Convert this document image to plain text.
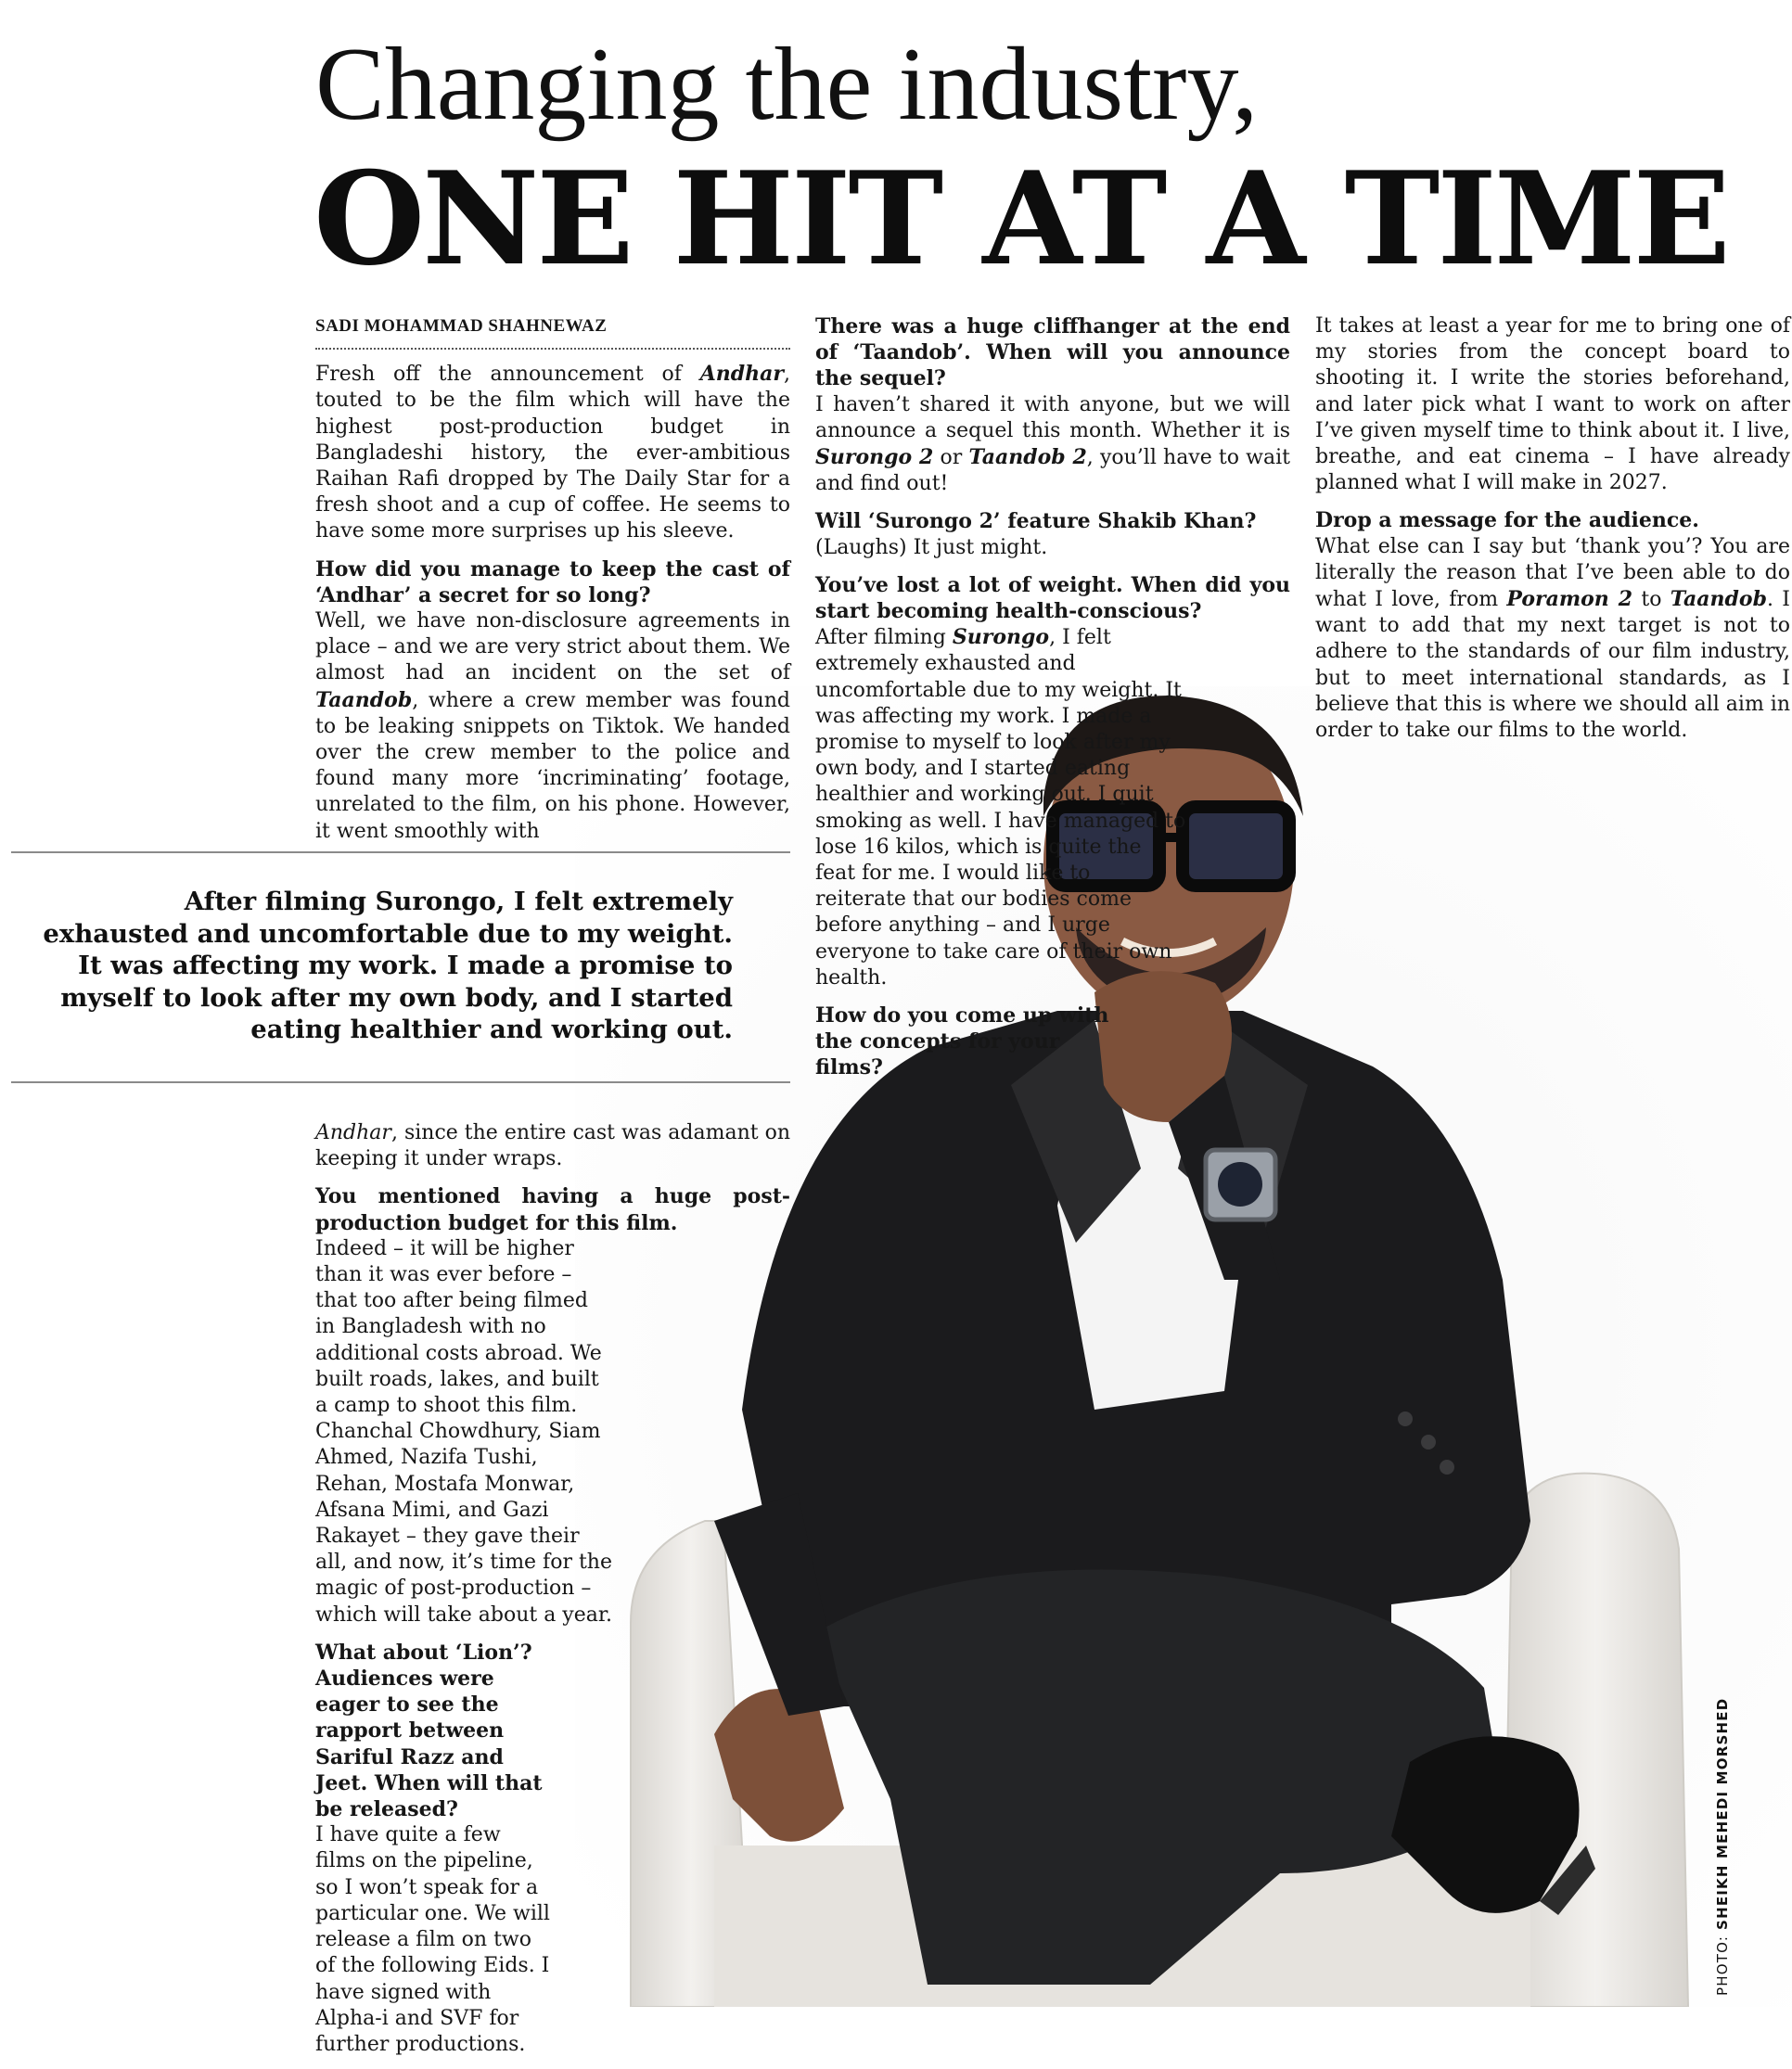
Changing the industry,
ONE HIT AT A TIME
PHOTO: SHEIKH MEHEDI MORSHED
SADI MOHAMMAD SHAHNEWAZ

Fresh off the announcement of Andhar, touted to be the film which will have the highest post-production budget in Bangladeshi history, the ever-ambitious Raihan Rafi dropped by The Daily Star for a fresh shoot and a cup of coffee. He seems to have some more surprises up his sleeve.

How did you manage to keep the cast of ‘Andhar’ a secret for so long?
Well, we have non-disclosure agreements in place – and we are very strict about them. We almost had an incident on the set of Taandob, where a crew member was found to be leaking snippets on Tiktok. We handed over the crew member to the police and found many more ‘incriminating’ footage, unrelated to the film, on his phone. However, it went smoothly with
After filming Surongo, I felt extremely exhausted and uncomfortable due to my weight. It was affecting my work. I made a promise to myself to look after my own body, and I started eating healthier and working out.
Andhar, since the entire cast was adamant on keeping it under wraps.
You mentioned having a huge post-production budget for this film.
Indeed – it will be higher than it was ever before – that too after being filmed in Bangladesh with no additional costs abroad. We built roads, lakes, and built a camp to shoot this film. Chanchal Chowdhury, Siam Ahmed, Nazifa Tushi, Rehan, Mostafa Monwar, Afsana Mimi, and Gazi Rakayet – they gave their all, and now, it’s time for the magic of post-production – which will take about a year.
What about ‘Lion’? Audiences were eager to see the rapport between Sariful Razz and Jeet. When will that be released?
I have quite a few films on the pipeline, so I won’t speak for a particular one. We will release a film on two of the following Eids. I have signed with Alpha-i and SVF for further productions.
There was a huge cliffhanger at the end of ‘Taandob’. When will you announce the sequel?
I haven’t shared it with anyone, but we will announce a sequel this month. Whether it is Surongo 2 or Taandob 2, you’ll have to wait and find out!
Will ‘Surongo 2’ feature Shakib Khan?
(Laughs) It just might.
You’ve lost a lot of weight. When did you start becoming health-conscious?
After filming Surongo, I felt extremely exhausted and uncomfortable due to my weight. It was affecting my work. I made a promise to myself to look after my own body, and I started eating healthier and working out. I quit smoking as well. I have managed to lose 16 kilos, which is quite the feat for me. I would like to reiterate that our bodies come before anything – and I urge everyone to take care of their own health.
How do you come up with the concepts for your films?
It takes at least a year for me to bring one of my stories from the concept board to shooting it. I write the stories beforehand, and later pick what I want to work on after I’ve given myself time to think about it. I live, breathe, and eat cinema – I have already planned what I will make in 2027.
Drop a message for the audience.
What else can I say but ‘thank you’? You are literally the reason that I’ve been able to do what I love, from Poramon 2 to Taandob. I want to add that my next target is not to adhere to the standards of our film industry, but to meet international standards, as I believe that this is where we should all aim in order to take our films to the world.
